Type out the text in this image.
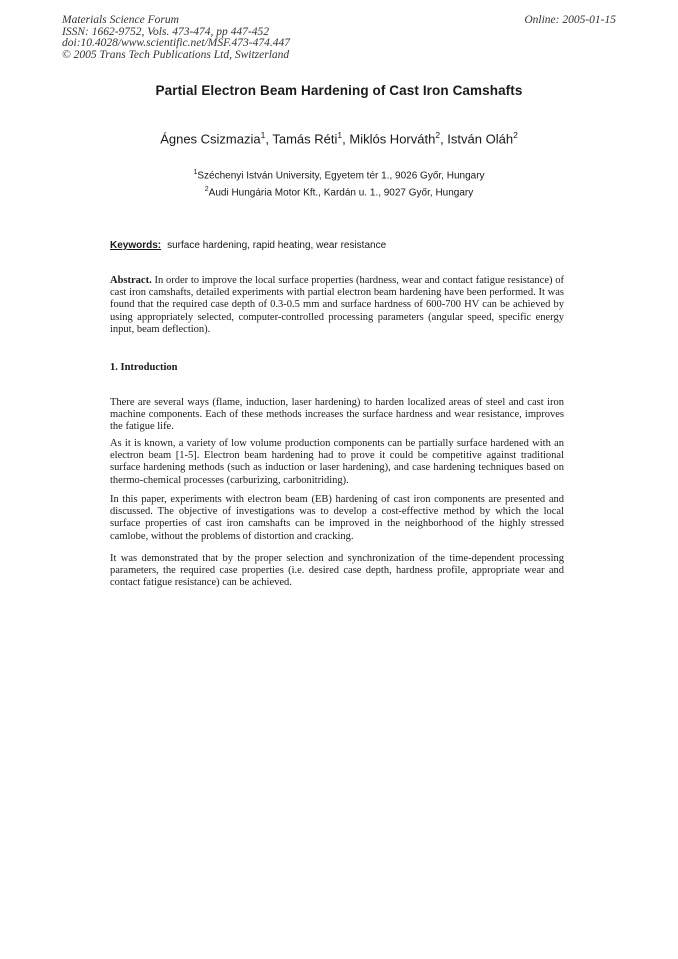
Materials Science Forum
ISSN: 1662-9752, Vols. 473-474, pp 447-452
doi:10.4028/www.scientific.net/MSF.473-474.447
© 2005 Trans Tech Publications Ltd, Switzerland
Online: 2005-01-15
Partial Electron Beam Hardening of Cast Iron Camshafts
Ágnes Csizmazia$^1$, Tamás Réti$^1$, Miklós Horváth$^2$, István Oláh$^2$
$^1$Széchenyi István University, Egyetem tér 1., 9026 Győr, Hungary
$^2$Audi Hungária Motor Kft., Kardán u. 1., 9027 Győr, Hungary
Keywords: surface hardening, rapid heating, wear resistance
Abstract. In order to improve the local surface properties (hardness, wear and contact fatigue resistance) of cast iron camshafts, detailed experiments with partial electron beam hardening have been performed. It was found that the required case depth of 0.3-0.5 mm and surface hardness of 600-700 HV can be achieved by using appropriately selected, computer-controlled processing parameters (angular speed, specific energy input, beam deflection).
1. Introduction
There are several ways (flame, induction, laser hardening) to harden localized areas of steel and cast iron machine components. Each of these methods increases the surface hardness and wear resistance, improves the fatigue life.
As it is known, a variety of low volume production components can be partially surface hardened with an electron beam [1-5]. Electron beam hardening had to prove it could be competitive against traditional surface hardening methods (such as induction or laser hardening), and case hardening techniques based on thermo-chemical processes (carburizing, carbonitriding).
In this paper, experiments with electron beam (EB) hardening of cast iron components are presented and discussed. The objective of investigations was to develop a cost-effective method by which the local surface properties of cast iron camshafts can be improved in the neighborhood of the highly stressed camlobe, without the problems of distortion and cracking.
It was demonstrated that by the proper selection and synchronization of the time-dependent processing parameters, the required case properties (i.e. desired case depth, hardness profile, appropriate wear and contact fatigue resistance) can be achieved.
